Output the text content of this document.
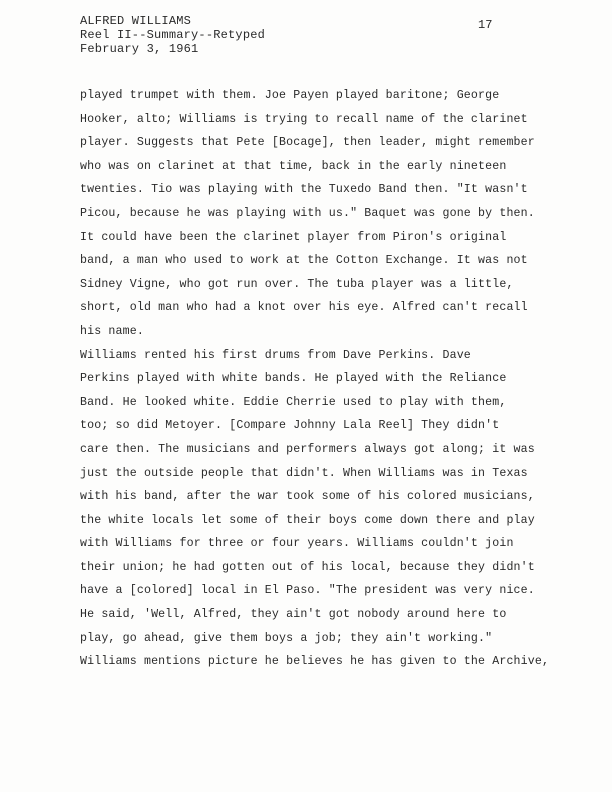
ALFRED WILLIAMS
Reel II--Summary--Retyped
February 3, 1961
17
played trumpet with them. Joe Payen played baritone; George
Hooker, alto; Williams is trying to recall name of the clarinet
player. Suggests that Pete [Bocage], then leader, might remember
who was on clarinet at that time, back in the early nineteen
twenties. Tio was playing with the Tuxedo Band then. "It wasn't
Picou, because he was playing with us." Baquet was gone by then.
It could have been the clarinet player from Piron's original
band, a man who used to work at the Cotton Exchange. It was not
Sidney Vigne, who got run over. The tuba player was a little,
short, old man who had a knot over his eye. Alfred can't recall
his name.
Williams rented his first drums from Dave Perkins. Dave
Perkins played with white bands. He played with the Reliance
Band. He looked white. Eddie Cherrie used to play with them,
too; so did Metoyer. [Compare Johnny Lala Reel] They didn't
care then. The musicians and performers always got along; it was
just the outside people that didn't. When Williams was in Texas
with his band, after the war took some of his colored musicians,
the white locals let some of their boys come down there and play
with Williams for three or four years. Williams couldn't join
their union; he had gotten out of his local, because they didn't
have a [colored] local in El Paso. "The president was very nice.
He said, 'Well, Alfred, they ain't got nobody around here to
play, go ahead, give them boys a job; they ain't working."
Williams mentions picture he believes he has given to the Archive,
